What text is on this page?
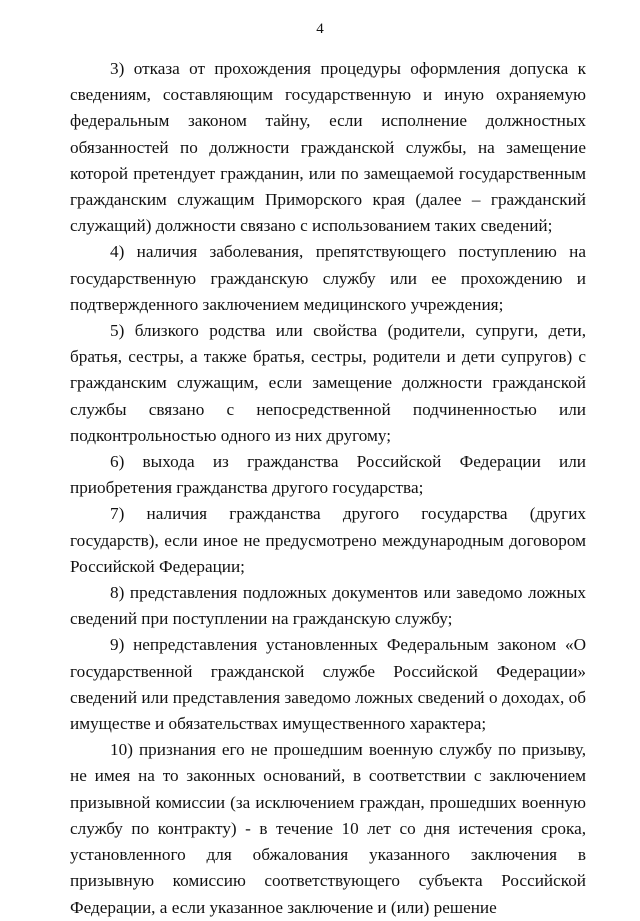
4

3) отказа от прохождения процедуры оформления допуска к сведениям, составляющим государственную и иную охраняемую федеральным законом тайну, если исполнение должностных обязанностей по должности гражданской службы, на замещение которой претендует гражданин, или по замещаемой государственным гражданским служащим Приморского края (далее – гражданский служащий) должности связано с использованием таких сведений;

4) наличия заболевания, препятствующего поступлению на государственную гражданскую службу или ее прохождению и подтвержденного заключением медицинского учреждения;

5) близкого родства или свойства (родители, супруги, дети, братья, сестры, а также братья, сестры, родители и дети супругов) с гражданским служащим, если замещение должности гражданской службы связано с непосредственной подчиненностью или подконтрольностью одного из них другому;

6) выхода из гражданства Российской Федерации или приобретения гражданства другого государства;

7) наличия гражданства другого государства (других государств), если иное не предусмотрено международным договором Российской Федерации;

8) представления подложных документов или заведомо ложных сведений при поступлении на гражданскую службу;

9) непредставления установленных Федеральным законом «О государственной гражданской службе Российской Федерации» сведений или представления заведомо ложных сведений о доходах, об имуществе и обязательствах имущественного характера;

10) признания его не прошедшим военную службу по призыву, не имея на то законных оснований, в соответствии с заключением призывной комиссии (за исключением граждан, прошедших военную службу по контракту) - в течение 10 лет со дня истечения срока, установленного для обжалования указанного заключения в призывную комиссию соответствующего субъекта Российской Федерации, а если указанное заключение и (или) решение
